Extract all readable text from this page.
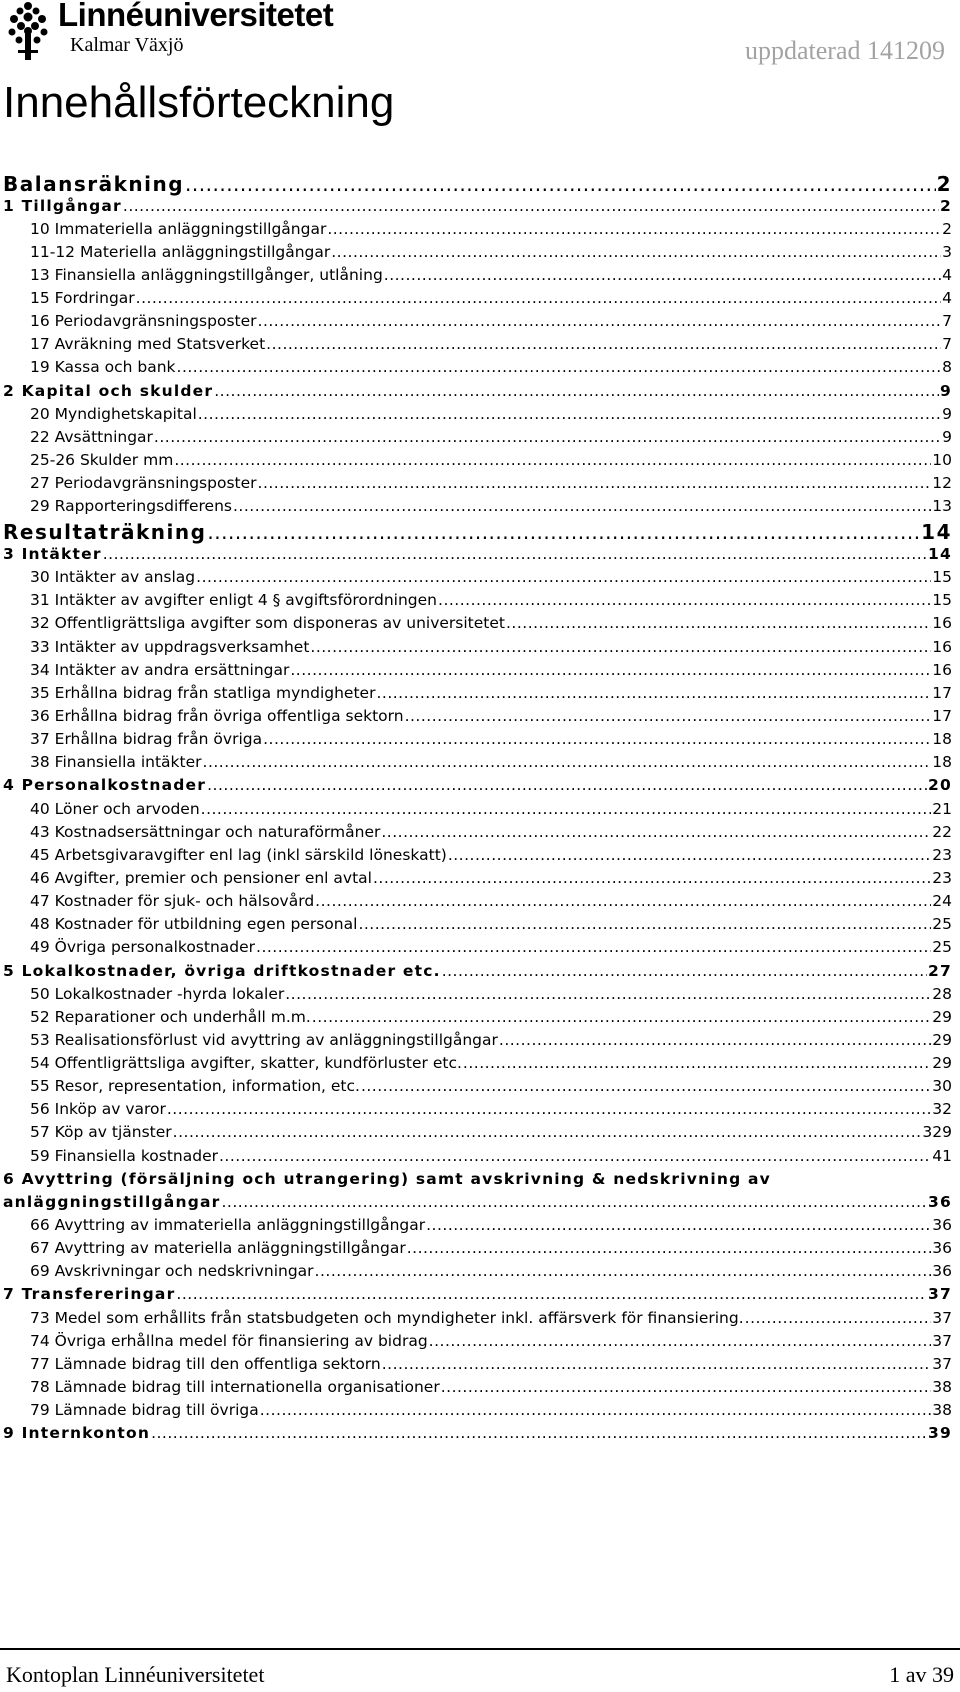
Linnéuniversitetet
Kalmar Växjö	uppdaterad 141209
Innehållsförteckning
Balansräkning .....	2
1 Tillgångar .....	2
10 Immateriella anläggningstillgångar .....	2
11-12 Materiella anläggningstillgångar .....	3
13 Finansiella anläggningstillgånger, utlåning .....	4
15 Fordringar .....	4
16 Periodavgränsningsposter .....	7
17 Avräkning med Statsverket .....	7
19 Kassa och bank .....	8
2 Kapital och skulder .....	9
20 Myndighetskapital .....	9
22 Avsättningar .....	9
25-26 Skulder mm .....	10
27 Periodavgränsningsposter .....	12
29 Rapporteringsdifferens .....	13
Resultaträkning .....	14
3 Intäkter .....	14
30 Intäkter av anslag .....	15
31 Intäkter av avgifter enligt 4 § avgiftsförordningen .....	15
32 Offentligrättsliga avgifter som disponeras av universitetet .....	16
33 Intäkter av uppdragsverksamhet .....	16
34 Intäkter av andra ersättningar .....	16
35 Erhållna bidrag från statliga myndigheter .....	17
36 Erhållna bidrag från övriga offentliga sektorn .....	17
37 Erhållna bidrag från övriga .....	18
38 Finansiella intäkter .....	18
4 Personalkostnader .....	20
40 Löner och arvoden .....	21
43 Kostnadsersättningar och naturaförmåner .....	22
45 Arbetsgivaravgifter enl lag (inkl särskild löneskatt) .....	23
46 Avgifter, premier och pensioner enl avtal .....	23
47 Kostnader för sjuk- och hälsovård .....	24
48 Kostnader för utbildning egen personal .....	25
49 Övriga personalkostnader .....	25
5 Lokalkostnader, övriga driftkostnader etc. .....	27
50 Lokalkostnader -hyrda lokaler .....	28
52 Reparationer och underhåll m.m. .....	29
53 Realisationsförlust vid avyttring av anläggningstillgångar .....	29
54 Offentligrättsliga avgifter, skatter, kundförluster etc. .....	29
55 Resor, representation, information, etc. .....	30
56 Inköp av varor .....	32
57 Köp av tjänster .....	329
59 Finansiella kostnader .....	41
6 Avyttring (försäljning och utrangering) samt avskrivning & nedskrivning av
anläggningstillgångar .....	36
66 Avyttring av immateriella anläggningstillgångar .....	36
67 Avyttring av materiella anläggningstillgångar .....	36
69 Avskrivningar och nedskrivningar .....	36
7 Transfereringar .....	37
73 Medel som erhållits från statsbudgeten och myndigheter inkl. affärsverk för finansiering. .....	37
74 Övriga erhållna medel för finansiering av bidrag .....	37
77 Lämnade bidrag till den offentliga sektorn .....	37
78 Lämnade bidrag till internationella organisationer .....	38
79 Lämnade bidrag till övriga .....	38
9 Internkonton .....	39
Kontoplan Linnéuniversitetet	1 av 39
